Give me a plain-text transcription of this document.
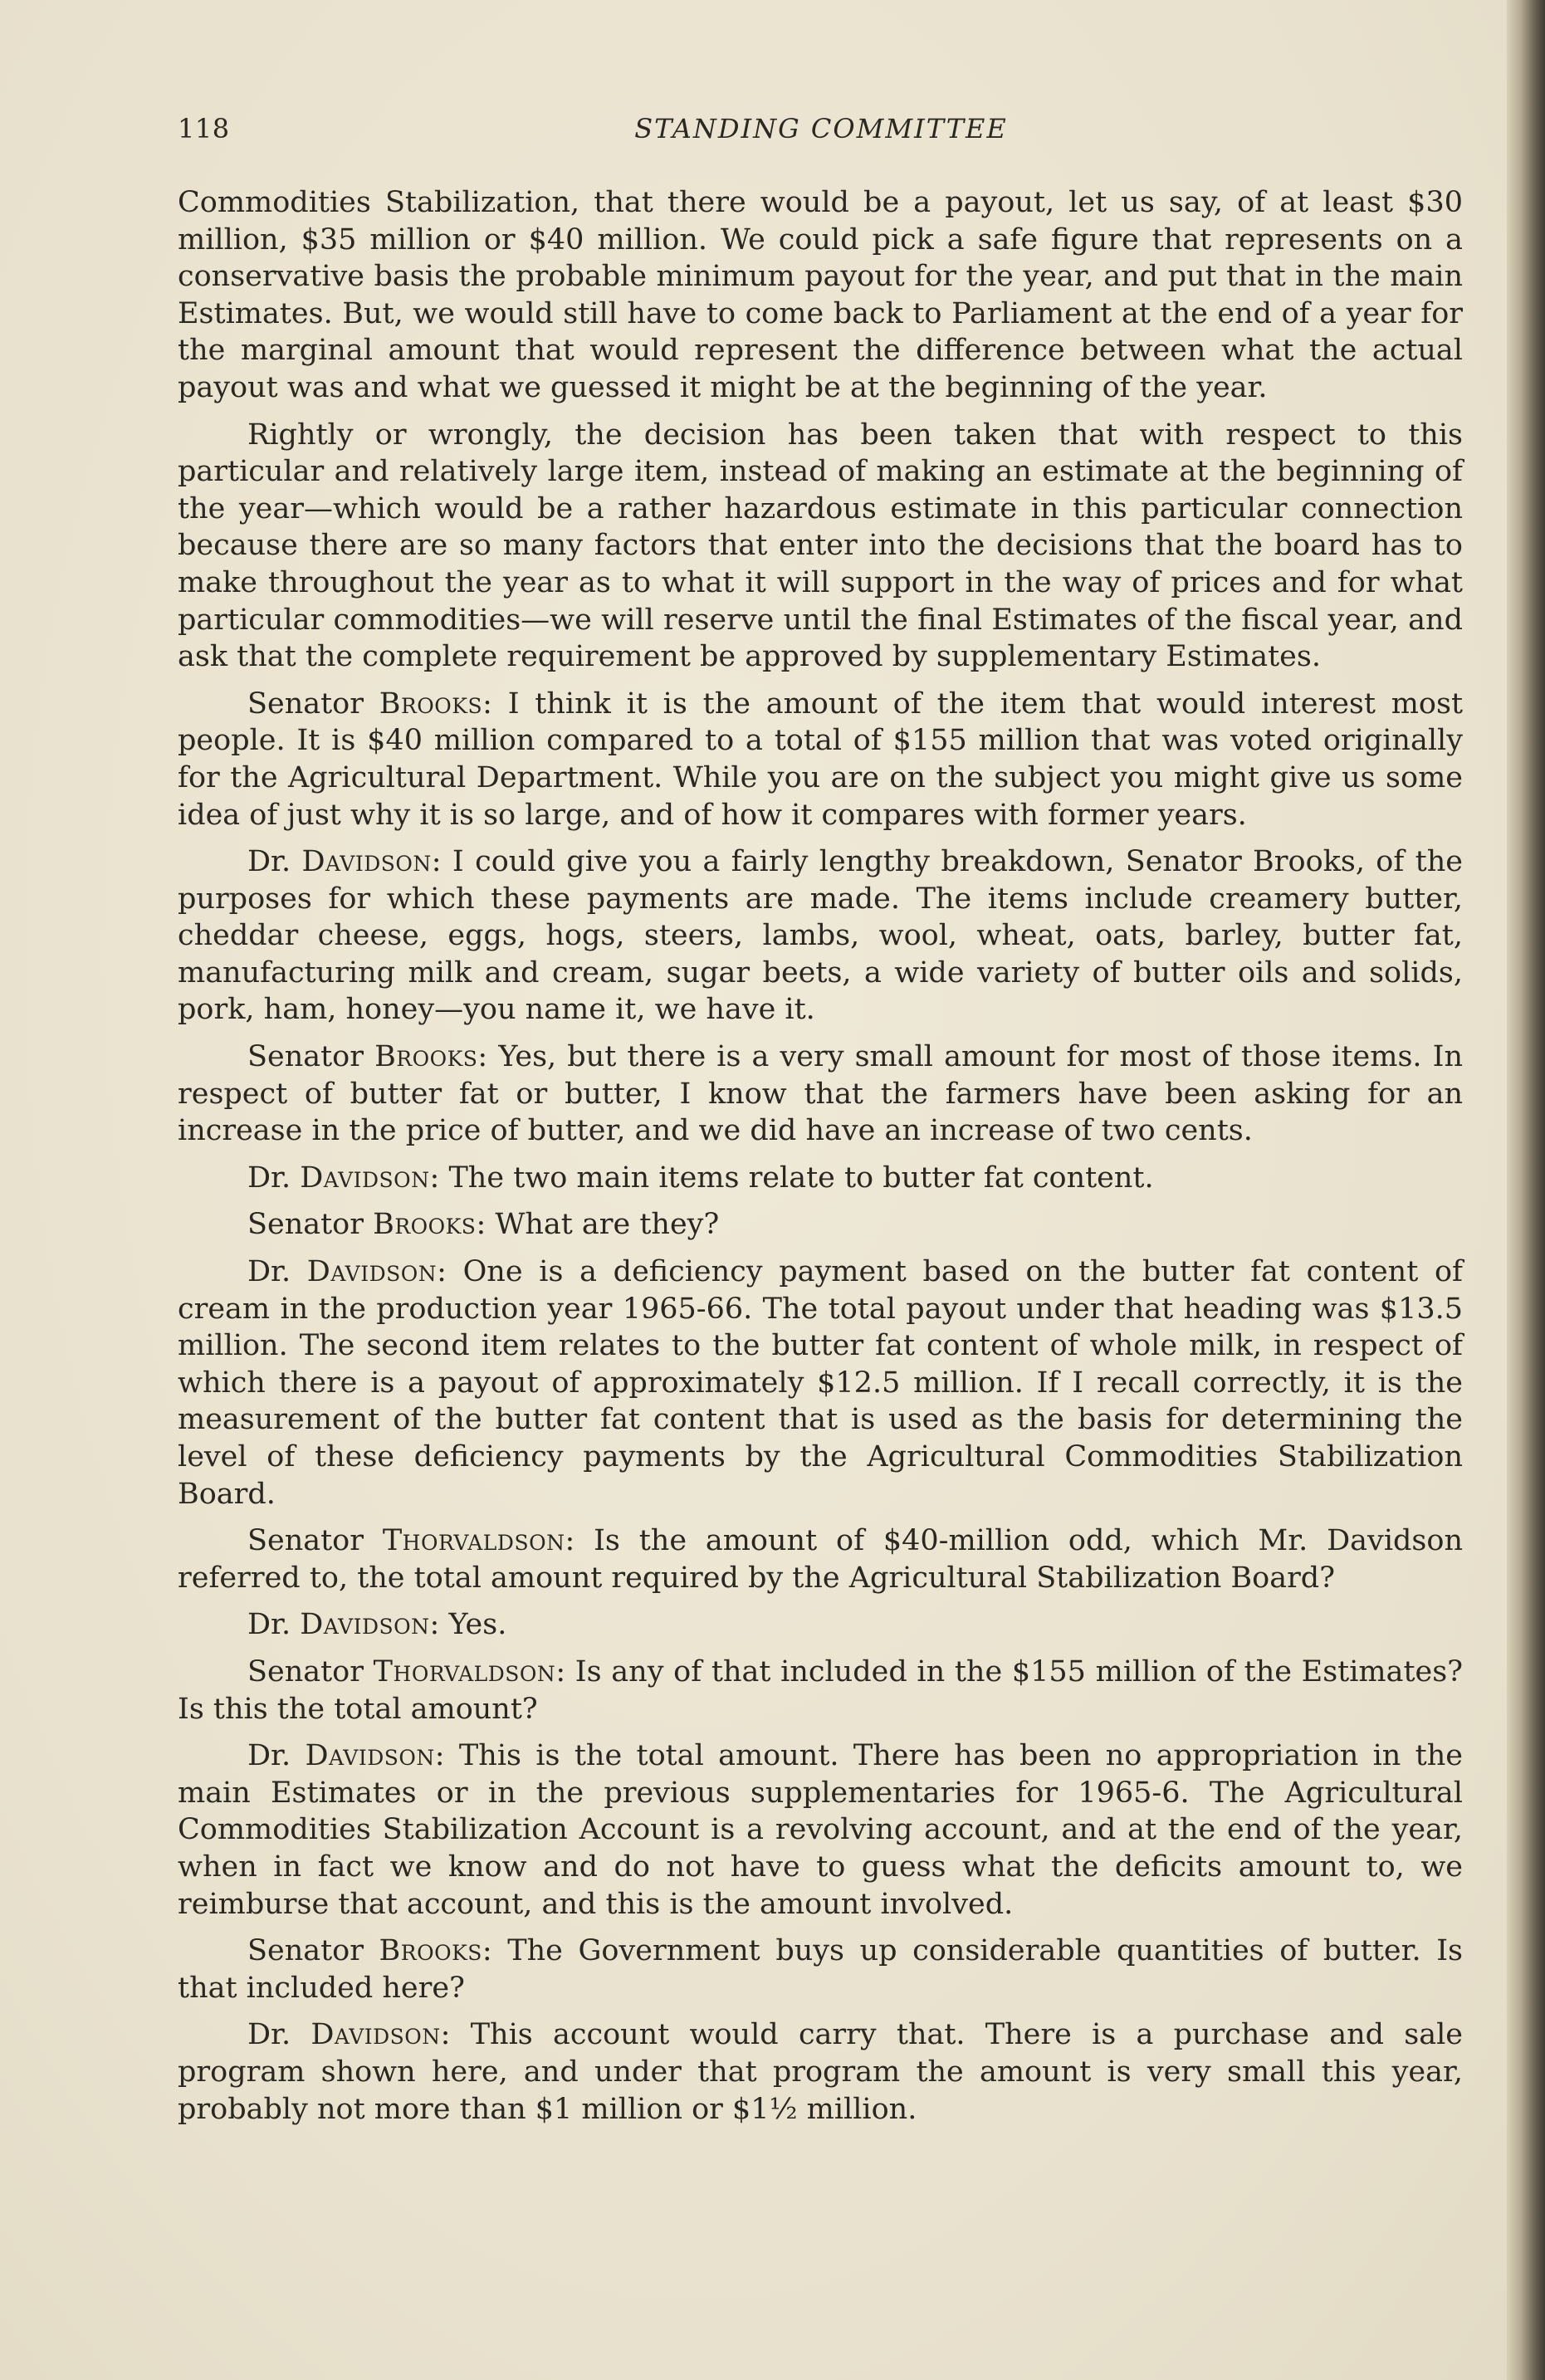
118	STANDING COMMITTEE

Commodities Stabilization, that there would be a payout, let us say, of at least $30 million, $35 million or $40 million. We could pick a safe figure that represents on a conservative basis the probable minimum payout for the year, and put that in the main Estimates. But, we would still have to come back to Parliament at the end of a year for the marginal amount that would represent the difference between what the actual payout was and what we guessed it might be at the beginning of the year.

Rightly or wrongly, the decision has been taken that with respect to this particular and relatively large item, instead of making an estimate at the beginning of the year—which would be a rather hazardous estimate in this particular connection because there are so many factors that enter into the decisions that the board has to make throughout the year as to what it will support in the way of prices and for what particular commodities—we will reserve until the final Estimates of the fiscal year, and ask that the complete requirement be approved by supplementary Estimates.

Senator Brooks: I think it is the amount of the item that would interest most people. It is $40 million compared to a total of $155 million that was voted originally for the Agricultural Department. While you are on the subject you might give us some idea of just why it is so large, and of how it compares with former years.

Dr. Davidson: I could give you a fairly lengthy breakdown, Senator Brooks, of the purposes for which these payments are made. The items include creamery butter, cheddar cheese, eggs, hogs, steers, lambs, wool, wheat, oats, barley, butter fat, manufacturing milk and cream, sugar beets, a wide variety of butter oils and solids, pork, ham, honey—you name it, we have it.

Senator Brooks: Yes, but there is a very small amount for most of those items. In respect of butter fat or butter, I know that the farmers have been asking for an increase in the price of butter, and we did have an increase of two cents.

Dr. Davidson: The two main items relate to butter fat content.

Senator Brooks: What are they?

Dr. Davidson: One is a deficiency payment based on the butter fat content of cream in the production year 1965-66. The total payout under that heading was $13.5 million. The second item relates to the butter fat content of whole milk, in respect of which there is a payout of approximately $12.5 million. If I recall correctly, it is the measurement of the butter fat content that is used as the basis for determining the level of these deficiency payments by the Agricultural Commodities Stabilization Board.

Senator Thorvaldson: Is the amount of $40-million odd, which Mr. Davidson referred to, the total amount required by the Agricultural Stabilization Board?

Dr. Davidson: Yes.

Senator Thorvaldson: Is any of that included in the $155 million of the Estimates? Is this the total amount?

Dr. Davidson: This is the total amount. There has been no appropriation in the main Estimates or in the previous supplementaries for 1965-6. The Agricultural Commodities Stabilization Account is a revolving account, and at the end of the year, when in fact we know and do not have to guess what the deficits amount to, we reimburse that account, and this is the amount involved.

Senator Brooks: The Government buys up considerable quantities of butter. Is that included here?

Dr. Davidson: This account would carry that. There is a purchase and sale program shown here, and under that program the amount is very small this year, probably not more than $1 million or $1½ million.
